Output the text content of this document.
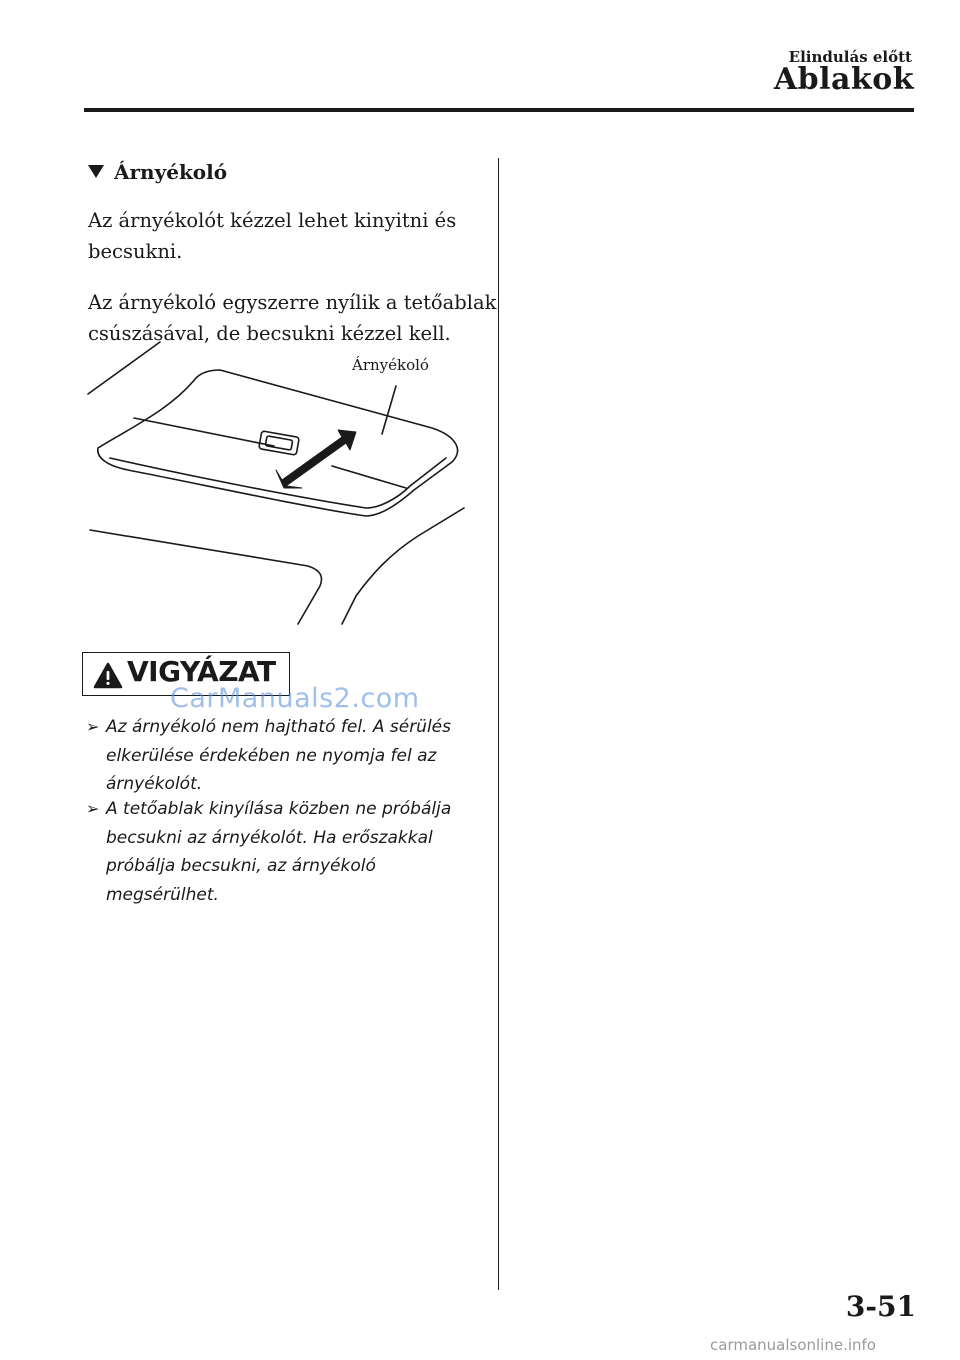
Elindulás előtt
Ablakok
Árnyékoló

Az árnyékolót kézzel lehet kinyitni és becsukni.

Az árnyékoló egyszerre nyílik a tetőablak csúszásával, de becsukni kézzel kell.

Árnyékoló
VIGYÁZAT
CarManuals2.com
➢ Az árnyékoló nem hajtható fel. A sérülés elkerülése érdekében ne nyomja fel az árnyékolót.
➢ A tetőablak kinyílása közben ne próbálja becsukni az árnyékolót. Ha erőszakkal próbálja becsukni, az árnyékoló megsérülhet.
3-51
carmanualsonline.info
